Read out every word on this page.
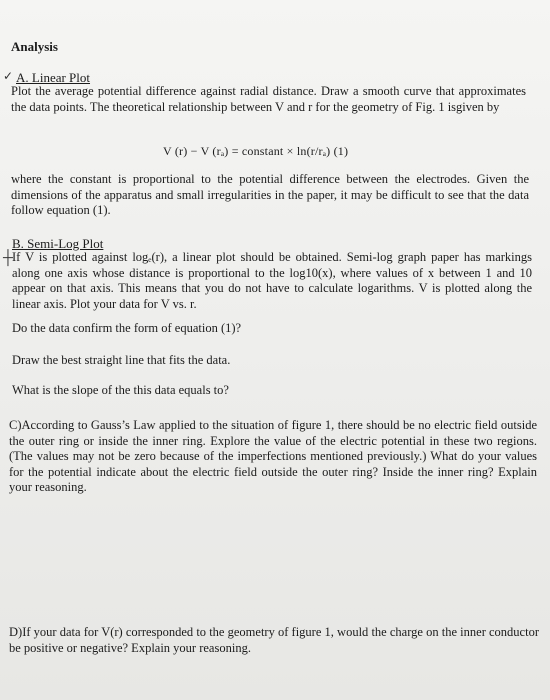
Analysis
✓ A. Linear Plot
Plot the average potential difference against radial distance. Draw a smooth curve that approximates the data points. The theoretical relationship between V and r for the geometry of Fig. 1 isgiven by
V (r) − V (rₐ) = constant × ln(r/rₐ) (1)
where the constant is proportional to the potential difference between the electrodes. Given the dimensions of the apparatus and small irregularities in the paper, it may be difficult to see that the data follow equation (1).
B. Semi-Log Plot
┼ If V is plotted against logₑ(r), a linear plot should be obtained. Semi-log graph paper has markings along one axis whose distance is proportional to the log10(x), where values of x between 1 and 10 appear on that axis. This means that you do not have to calculate logarithms. V is plotted along the linear axis. Plot your data for V vs. r.
Do the data confirm the form of equation (1)?
Draw the best straight line that fits the data.
What is the slope of the this data equals to?
C)According to Gauss’s Law applied to the situation of figure 1, there should be no electric field outside the outer ring or inside the inner ring. Explore the value of the electric potential in these two regions. (The values may not be zero because of the imperfections mentioned previously.) What do your values for the potential indicate about the electric field outside the outer ring? Inside the inner ring? Explain your reasoning.
D)If your data for V(r) corresponded to the geometry of figure 1, would the charge on the inner conductor be positive or negative? Explain your reasoning.
